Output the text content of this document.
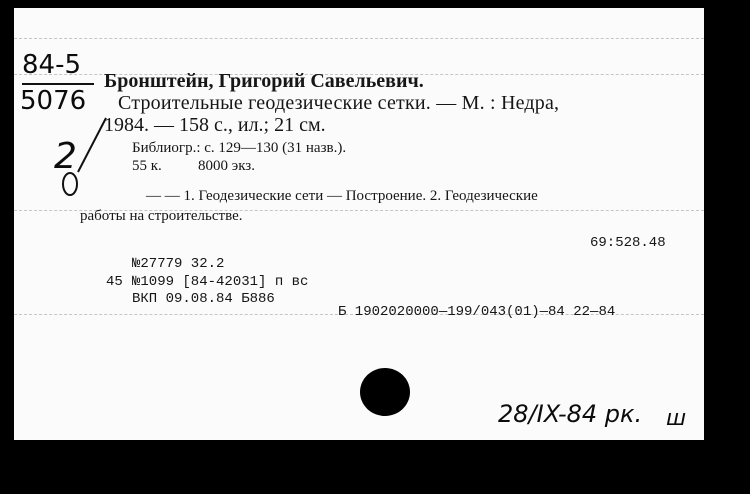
84-5
5076
2
Бронштейн, Григорий Савельевич.
Строительные геодезические сетки. — М. : Недра,
1984. — 158 с., ил.; 21 см.
Библиогр.: с. 129—130 (31 назв.).
55 к. 8000 экз.
— — 1. Геодезические сети — Построение. 2. Геодезические
работы на строительстве.
69:528.48
№27779 32.2
45 №1099 [84-42031] п вс
ВКП 09.08.84 Б886
Б 1902020000—199/043(01)—84 22—84
28/IX-84 рк. ш
